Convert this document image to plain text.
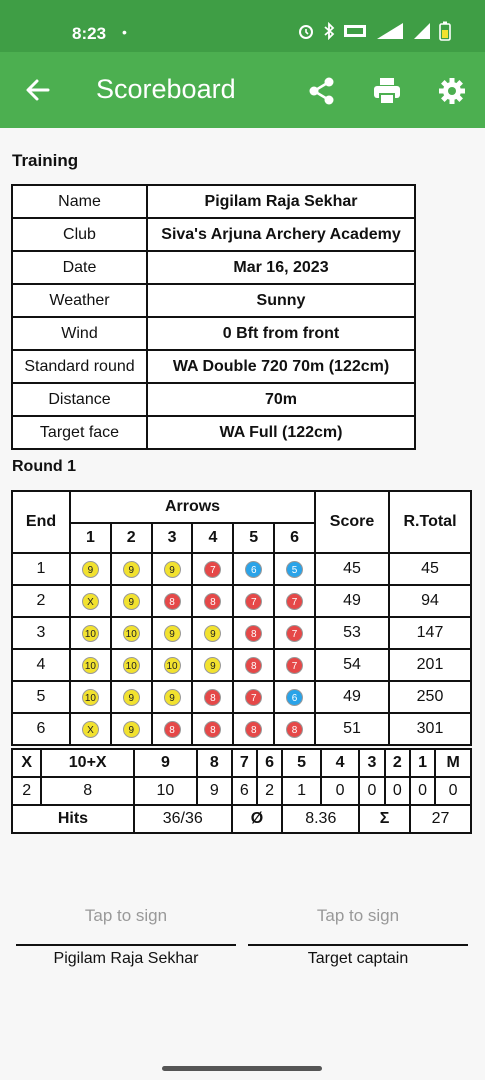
8:23 •
Scoreboard
Training
Name	Pigilam Raja Sekhar
Club	Siva's Arjuna Archery Academy
Date	Mar 16, 2023
Weather	Sunny
Wind	0 Bft from front
Standard round	WA Double 720 70m (122cm)
Distance	70m
Target face	WA Full (122cm)
Round 1
End	Arrows						Score	R.Total
	1	2	3	4	5	6		
1	9	9	9	7	6	5	45	45
2	X	9	8	8	7	7	49	94
3	10	10	9	9	8	7	53	147
4	10	10	10	9	8	7	54	201
5	10	9	9	8	7	6	49	250
6	X	9	8	8	8	8	51	301
X	10+X	9	8	7	6	5	4	3	2	1	M
2	8	10	9	6	2	1	0	0	0	0	0
Hits		36/36		Ø		8.36		Σ		27	
Tap to sign
Pigilam Raja Sekhar
Tap to sign
Target captain
